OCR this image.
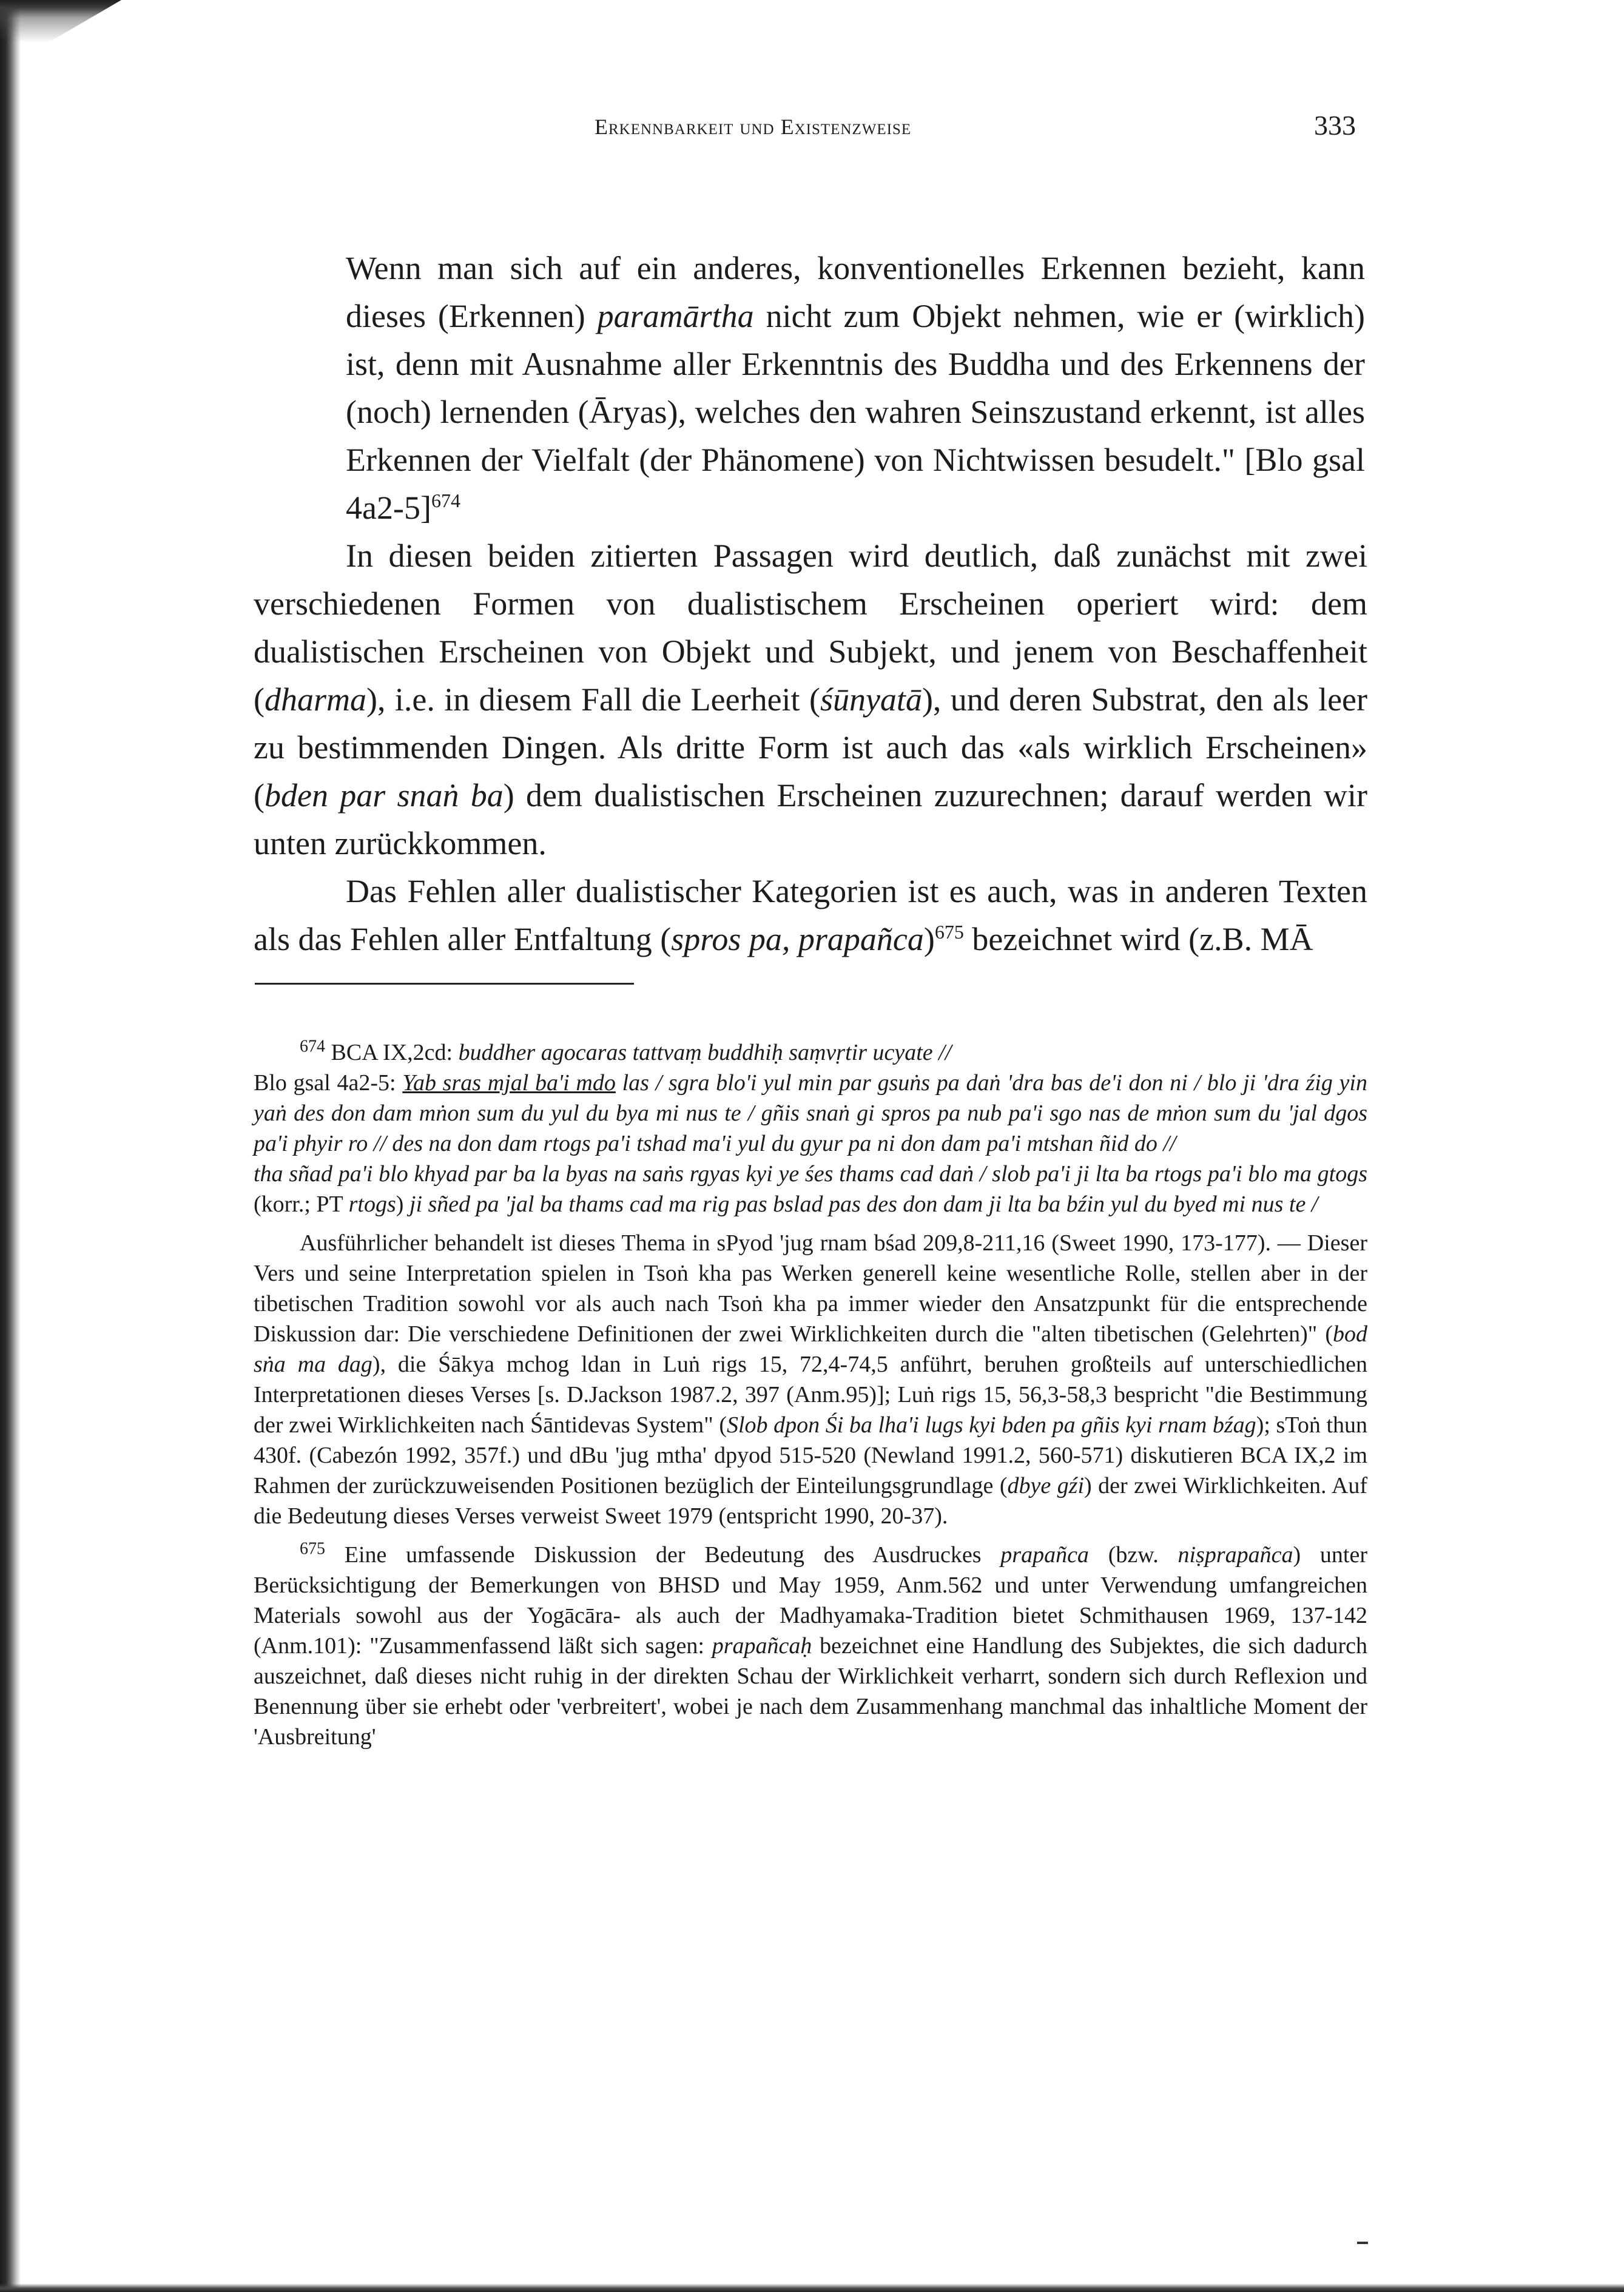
Erkennbarkeit und Existenzweise	333

Wenn man sich auf ein anderes, konventionelles Erkennen bezieht, kann dieses (Erkennen) paramārtha nicht zum Objekt nehmen, wie er (wirklich) ist, denn mit Ausnahme aller Erkenntnis des Buddha und des Erkennens der (noch) lernenden (Āryas), welches den wahren Seinszustand erkennt, ist alles Erkennen der Vielfalt (der Phänomene) von Nichtwissen besudelt." [Blo gsal 4a2-5]$^{674}$

In diesen beiden zitierten Passagen wird deutlich, daß zunächst mit zwei verschiedenen Formen von dualistischem Erscheinen operiert wird: dem dualistischen Erscheinen von Objekt und Subjekt, und jenem von Beschaffenheit (dharma), i.e. in diesem Fall die Leerheit (śūnyatā), und deren Substrat, den als leer zu bestimmenden Dingen. Als dritte Form ist auch das «als wirklich Erscheinen» (bden par snaṅ ba) dem dualistischen Erscheinen zuzurechnen; darauf werden wir unten zurückkommen.

Das Fehlen aller dualistischer Kategorien ist es auch, was in anderen Texten als das Fehlen aller Entfaltung (spros pa, prapañca)$^{675}$ bezeichnet wird (z.B. MĀ

$^{674}$ BCA IX,2cd: buddher agocaras tattvaṃ buddhiḥ saṃvṛtir ucyate //

Blo gsal 4a2-5: Yab sras mjal ba'i mdo las / sgra blo'i yul min par gsuṅs pa daṅ 'dra bas de'i don ni / blo ji 'dra źig yin yaṅ des don dam mṅon sum du yul du bya mi nus te / gñis snaṅ gi spros pa nub pa'i sgo nas de mṅon sum du 'jal dgos pa'i phyir ro // des na don dam rtogs pa'i tshad ma'i yul du gyur pa ni don dam pa'i mtshan ñid do //

tha sñad pa'i blo khyad par ba la byas na saṅs rgyas kyi ye śes thams cad daṅ / slob pa'i ji lta ba rtogs pa'i blo ma gtogs (korr.; PT rtogs) ji sñed pa 'jal ba thams cad ma rig pas bslad pas des don dam ji lta ba bźin yul du byed mi nus te /

Ausführlicher behandelt ist dieses Thema in sPyod 'jug rnam bśad 209,8-211,16 (Sweet 1990, 173-177). — Dieser Vers und seine Interpretation spielen in Tsoṅ kha pas Werken generell keine wesentliche Rolle, stellen aber in der tibetischen Tradition sowohl vor als auch nach Tsoṅ kha pa immer wieder den Ansatzpunkt für die entsprechende Diskussion dar: Die verschiedene Definitionen der zwei Wirklichkeiten durch die "alten tibetischen (Gelehrten)" (bod sṅa ma dag), die Śākya mchog ldan in Luṅ rigs 15, 72,4-74,5 anführt, beruhen großteils auf unterschiedlichen Interpretationen dieses Verses [s. D.Jackson 1987.2, 397 (Anm.95)]; Luṅ rigs 15, 56,3-58,3 bespricht "die Bestimmung der zwei Wirklichkeiten nach Śāntidevas System" (Slob dpon Śi ba lha'i lugs kyi bden pa gñis kyi rnam bźag); sToṅ thun 430f. (Cabezón 1992, 357f.) und dBu 'jug mtha' dpyod 515-520 (Newland 1991.2, 560-571) diskutieren BCA IX,2 im Rahmen der zurückzuweisenden Positionen bezüglich der Einteilungsgrundlage (dbye gźi) der zwei Wirklichkeiten. Auf die Bedeutung dieses Verses verweist Sweet 1979 (entspricht 1990, 20-37).

$^{675}$ Eine umfassende Diskussion der Bedeutung des Ausdruckes prapañca (bzw. niṣprapañca) unter Berücksichtigung der Bemerkungen von BHSD und May 1959, Anm.562 und unter Verwendung umfangreichen Materials sowohl aus der Yogācāra- als auch der Madhyamaka-Tradition bietet Schmithausen 1969, 137-142 (Anm.101): "Zusammenfassend läßt sich sagen: prapañcaḥ bezeichnet eine Handlung des Subjektes, die sich dadurch auszeichnet, daß dieses nicht ruhig in der direkten Schau der Wirklichkeit verharrt, sondern sich durch Reflexion und Benennung über sie erhebt oder 'verbreitert', wobei je nach dem Zusammenhang manchmal das inhaltliche Moment der 'Ausbreitung'
